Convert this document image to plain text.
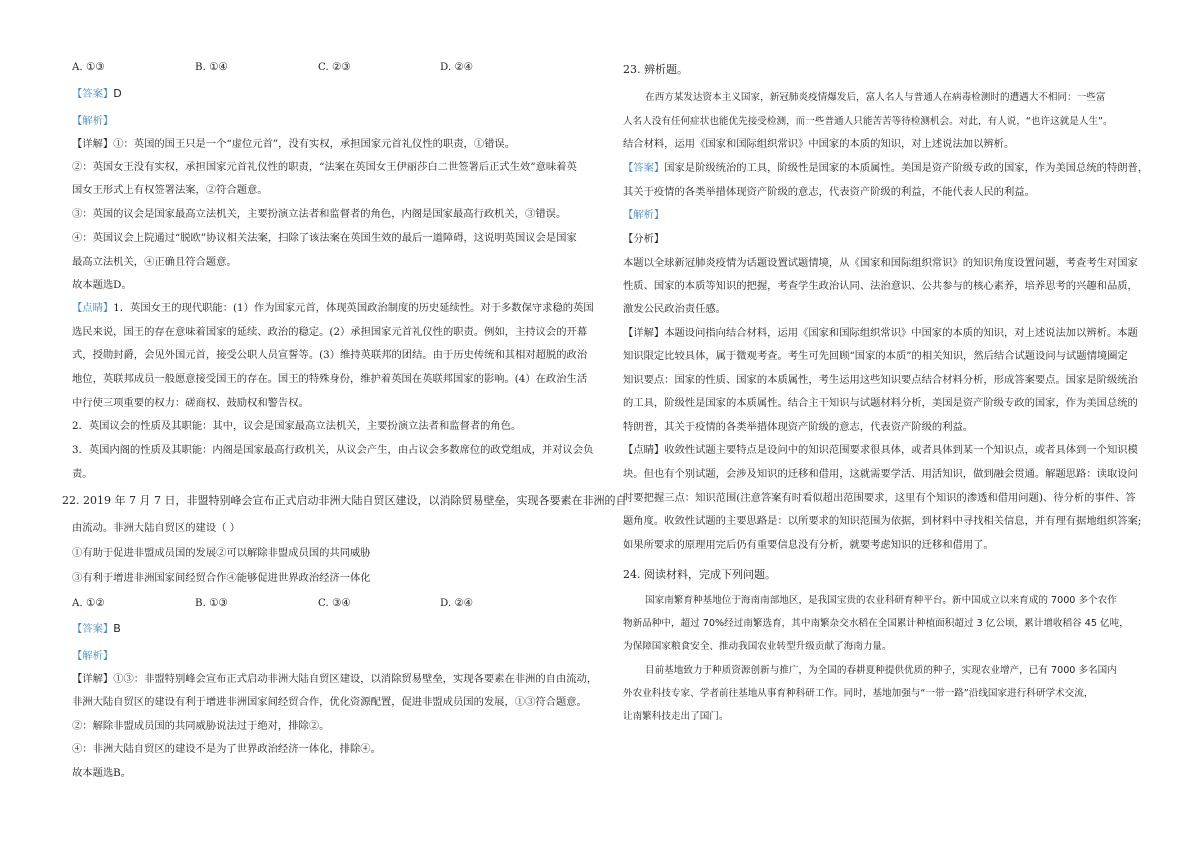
A. ①③	B. ①④	C. ②③	D. ②④
【答案】D
【解析】
【详解】①：英国的国王只是一个“虚位元首”，没有实权，承担国家元首礼仪性的职责，①错误。
②：英国女王没有实权，承担国家元首礼仪性的职责，“法案在英国女王伊丽莎白二世签署后正式生效”意味着英
国女王形式上有权签署法案，②符合题意。
③：英国的议会是国家最高立法机关，主要扮演立法者和监督者的角色，内阁是国家最高行政机关，③错误。
④：英国议会上院通过“脱欧”协议相关法案，扫除了该法案在英国生效的最后一道障碍，这说明英国议会是国家
最高立法机关，④正确且符合题意。
故本题选D。
【点睛】1．英国女王的现代职能：(1）作为国家元首，体现英国政治制度的历史延续性。对于多数保守求稳的英国
选民来说，国王的存在意味着国家的延续、政治的稳定。(2）承担国家元首礼仪性的职责。例如，主持议会的开幕
式，授勋封爵，会见外国元首，接受公职人员宣誓等。(3）维持英联邦的团结。由于历史传统和其相对超脱的政治
地位，英联邦成员一般愿意接受国王的存在。国王的特殊身份，维护着英国在英联邦国家的影响。(4）在政治生活
中行使三项重要的权力：磋商权、鼓励权和警告权。
2．英国议会的性质及其职能：其中，议会是国家最高立法机关，主要扮演立法者和监督者的角色。
3．英国内阁的性质及其职能：内阁是国家最高行政机关，从议会产生，由占议会多数席位的政党组成，并对议会负
责。
22. 2019 年 7 月 7 日，非盟特别峰会宣布正式启动非洲大陆自贸区建设，以消除贸易壁垒，实现各要素在非洲的自
由流动。非洲大陆自贸区的建设（ ）
①有助于促进非盟成员国的发展②可以解除非盟成员国的共同威胁
③有利于增进非洲国家间经贸合作④能够促进世界政治经济一体化
A. ①②	B. ①③	C. ③④	D. ②④
【答案】B
【解析】
【详解】①③：非盟特别峰会宣布正式启动非洲大陆自贸区建设，以消除贸易壁垒，实现各要素在非洲的自由流动，
非洲大陆自贸区的建设有利于增进非洲国家间经贸合作，优化资源配置，促进非盟成员国的发展，①③符合题意。
②：解除非盟成员国的共同威胁说法过于绝对，排除②。
④：非洲大陆自贸区的建设不是为了世界政治经济一体化，排除④。
故本题选B。
23. 辨析题。
在西方某发达资本主义国家，新冠肺炎疫情爆发后，富人名人与普通人在病毒检测时的遭遇大不相同：一些富
人名人没有任何症状也能优先接受检测，而一些普通人只能苦苦等待检测机会。对此，有人说，“也许这就是人生”。
结合材料，运用《国家和国际组织常识》中国家的本质的知识，对上述说法加以辨析。
【答案】国家是阶级统治的工具，阶级性是国家的本质属性。美国是资产阶级专政的国家，作为美国总统的特朗普，
其关于疫情的各类举措体现资产阶级的意志，代表资产阶级的利益，不能代表人民的利益。
【解析】
【分析】
本题以全球新冠肺炎疫情为话题设置试题情境，从《国家和国际组织常识》的知识角度设置问题，考查考生对国家
性质、国家的本质等知识的把握，考查学生政治认同、法治意识、公共参与的核心素养，培养思考的兴趣和品质，
激发公民政治责任感。
【详解】本题设问指向结合材料，运用《国家和国际组织常识》中国家的本质的知识，对上述说法加以辨析。本题
知识限定比较具体，属于微观考查。考生可先回顾“国家的本质”的相关知识，然后结合试题设问与试题情境圈定
知识要点：国家的性质、国家的本质属性，考生运用这些知识要点结合材料分析，形成答案要点。国家是阶级统治
的工具，阶级性是国家的本质属性。结合主干知识与试题材料分析，美国是资产阶级专政的国家，作为美国总统的
特朗普，其关于疫情的各类举措体现资产阶级的意志，代表资产阶级的利益。
【点睛】收敛性试题主要特点是设问中的知识范围要求很具体，或者具体到某一个知识点，或者具体到一个知识模
块。但也有个别试题，会涉及知识的迁移和借用，这就需要学活、用活知识，做到融会贯通。解题思路：读取设问
时要把握三点：知识范围(注意答案有时看似超出范围要求，这里有个知识的渗透和借用问题)、待分析的事件、答
题角度。收敛性试题的主要思路是：以所要求的知识范围为依据，到材料中寻找相关信息，并有理有据地组织答案;
如果所要求的原理用完后仍有重要信息没有分析，就要考虑知识的迁移和借用了。
24. 阅读材料，完成下列问题。
国家南繁育种基地位于海南南部地区，是我国宝贵的农业科研育种平台。新中国成立以来育成的 7000 多个农作
物新品种中，超过 70%经过南繁选育，其中南繁杂交水稻在全国累计种植面积超过 3 亿公顷，累计增收稻谷 45 亿吨，
为保障国家粮食安全、推动我国农业转型升级贡献了海南力量。
目前基地致力于种质资源创新与推广，为全国的春耕夏种提供优质的种子，实现农业增产，已有 7000 多名国内
外农业科技专家、学者前往基地从事育种科研工作。同时，基地加强与“一带一路”沿线国家进行科研学术交流，
让南繁科技走出了国门。
